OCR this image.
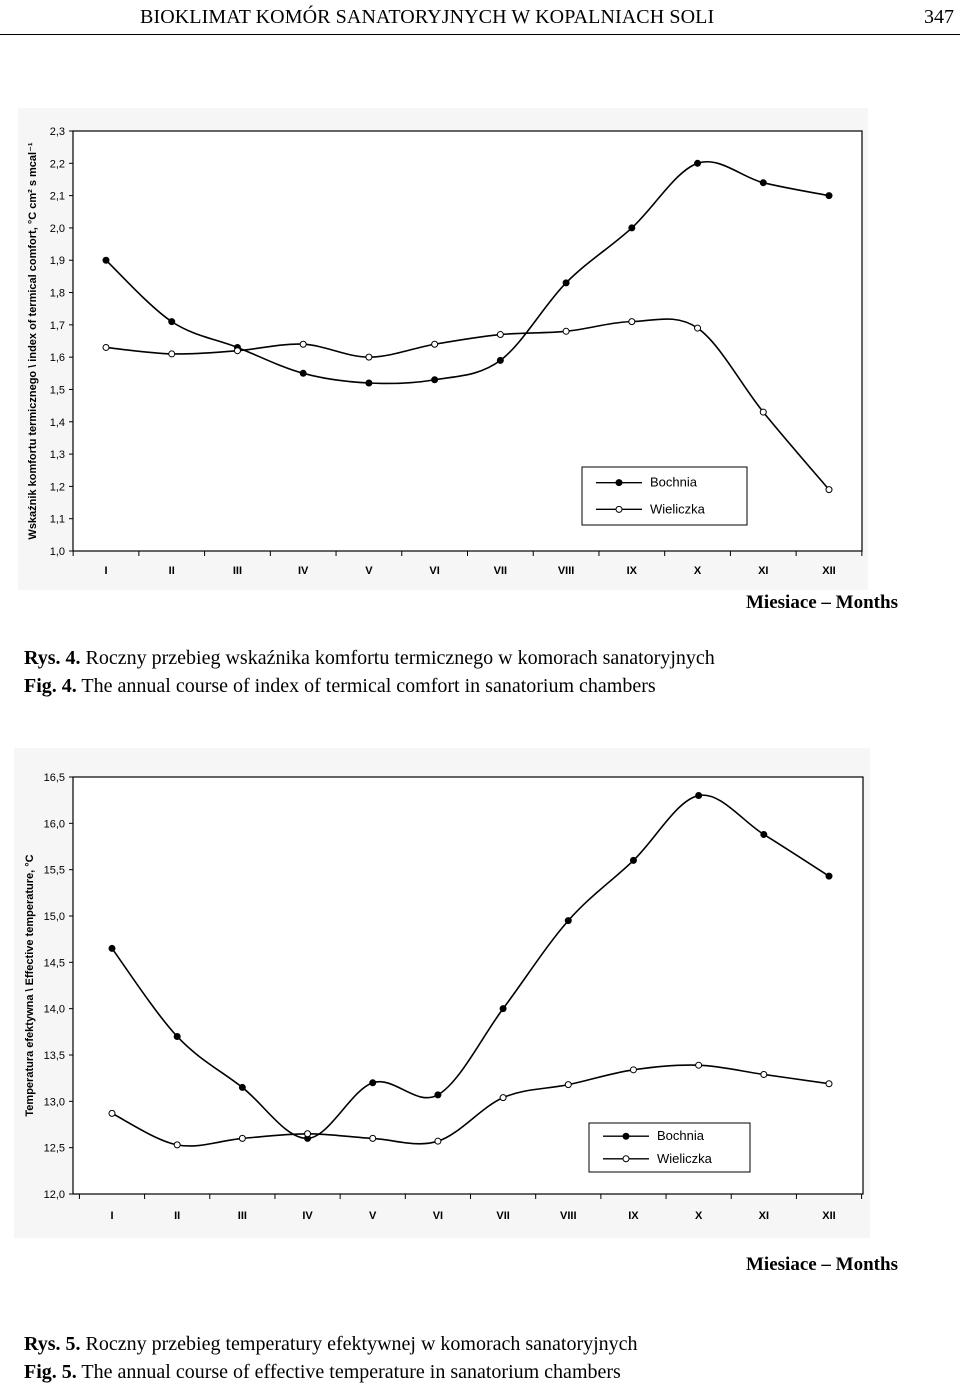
BIOKLIMAT KOMÓR SANATORYJNYCH W KOPALNIACH SOLI	347
1,0
1,1
1,2
1,3
1,4
1,5
1,6
1,7
1,8
1,9
2,0
2,1
2,2
2,3
I	II	III	IV	V	VI	VII	VIII	IX	X	XI	XII
Wskaźnik komfortu termicznego \ index of termical comfort, °C cm² s mcal⁻¹	Bochnia
Wieliczka
Miesiace – Months
Rys. 4. Roczny przebieg wskaźnika komfortu termicznego w komorach sanatoryjnych
Fig. 4. The annual course of index of termical comfort in sanatorium chambers
12,0
12,5
13,0
13,5
14,0
14,5
15,0
15,5
16,0
16,5
I	II	III	IV	V	VI	VII	VIII	IX	X	XI	XII
Temperatura efektywna \ Effective temperature, °C
Bochnia
Wieliczka
Miesiace – Months
Rys. 5. Roczny przebieg temperatury efektywnej w komorach sanatoryjnych
Fig. 5. The annual course of effective temperature in sanatorium chambers
